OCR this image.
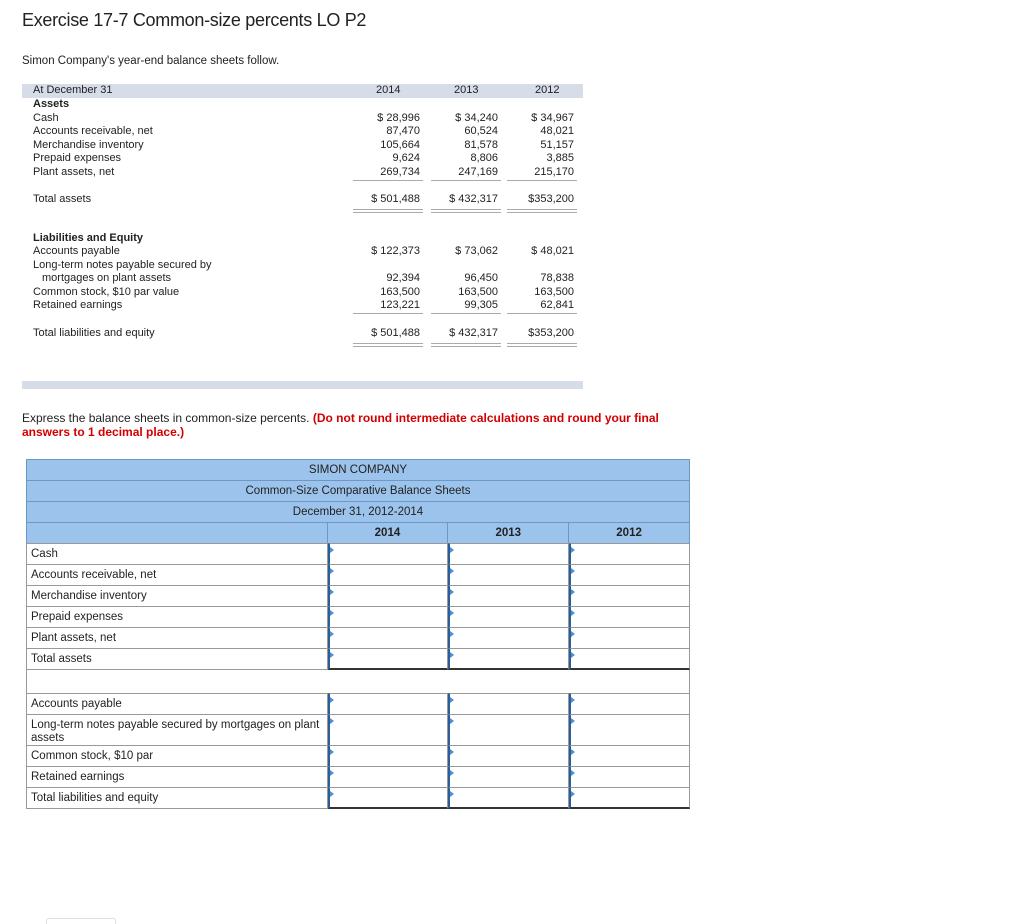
Exercise 17-7 Common-size percents LO P2
Simon Company's year-end balance sheets follow.
At December 31	2014	2013	2012
Assets
Cash	$ 28,996	$ 34,240	$ 34,967
Accounts receivable, net	87,470	60,524	48,021
Merchandise inventory	105,664	81,578	51,157
Prepaid expenses	9,624	8,806	3,885
Plant assets, net	269,734	247,169	215,170
Total assets	$ 501,488	$ 432,317	$353,200
Liabilities and Equity
Accounts payable	$ 122,373	$ 73,062	$ 48,021
Long-term notes payable secured by
mortgages on plant assets	92,394	96,450	78,838
Common stock, $10 par value	163,500	163,500	163,500
Retained earnings	123,221	99,305	62,841
Total liabilities and equity	$ 501,488	$ 432,317	$353,200
Express the balance sheets in common-size percents. (Do not round intermediate calculations and round your final answers to 1 decimal place.)
SIMON COMPANY
Common-Size Comparative Balance Sheets
December 31, 2012-2014
2014	2013	2012
Cash
Accounts receivable, net
Merchandise inventory
Prepaid expenses
Plant assets, net
Total assets
Accounts payable
Long-term notes payable secured by mortgages on plant assets
Common stock, $10 par
Retained earnings
Total liabilities and equity
